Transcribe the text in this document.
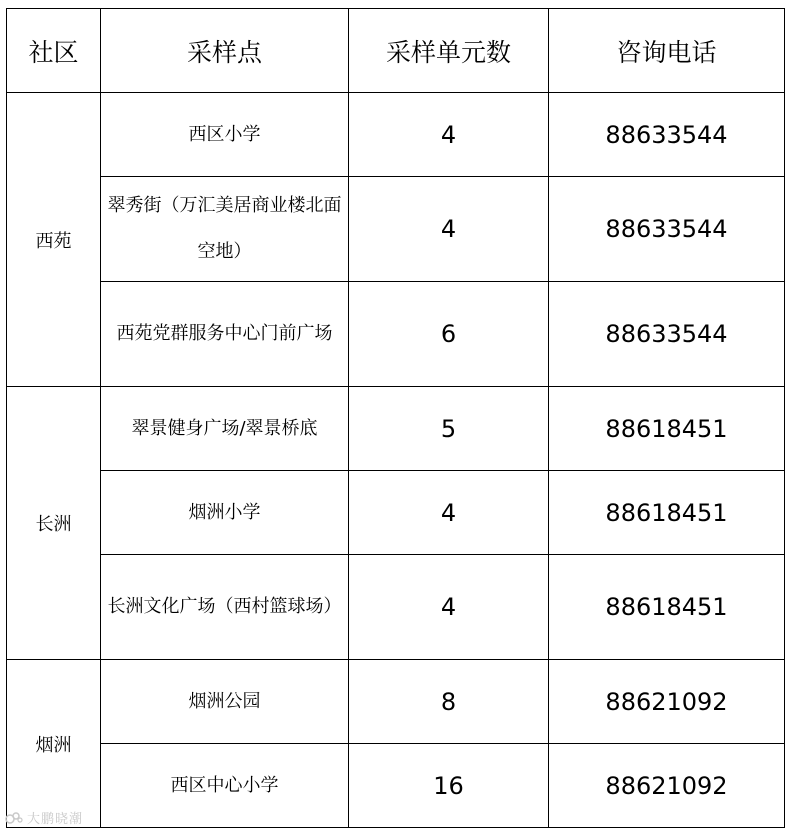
社区	采样点	采样单元数	咨询电话
西苑	西区小学	4	88633544
	翠秀街（万汇美居商业楼北面空地）	4	88633544
	西苑党群服务中心门前广场	6	88633544
长洲	翠景健身广场/翠景桥底	5	88618451
	烟洲小学	4	88618451
	长洲文化广场（西村篮球场）	4	88618451
烟洲	烟洲公园	8	88621092
	西区中心小学	16	88621092
大鹏晓潮
